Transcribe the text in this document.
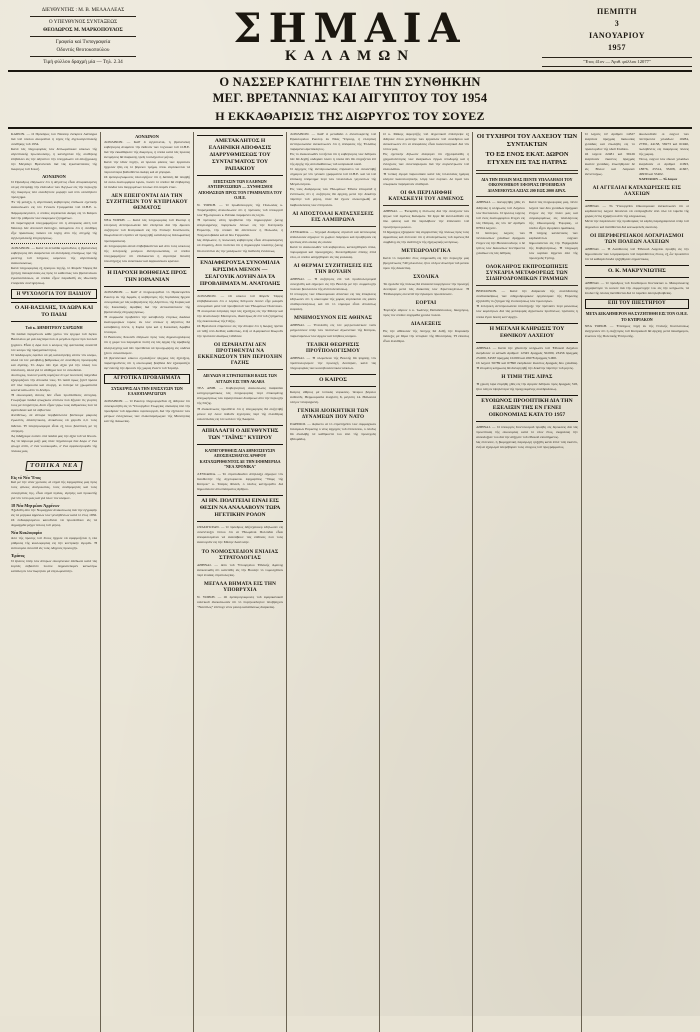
ΔΙΕΥΘΥΝΤΗΣ : Μ. Β. ΜΕΛΑΛΛΕΑΣ
Ο ΥΠΕΥΘΥΝΟΣ ΣΥΝΤΑΞΕΩΣ
ΘΕΟΔΩΡΟΣ Μ. ΜΑΡΚΟΠΟΥΛΟΣ
Γραφεία καί Τυπογραφεία
Οδοντός Θεοτοκοπούλου
Τιμή φύλλου δραχμή μία — Τηλ. 2.34
ΣΗΜΑΙΑ
ΚΑΛΑΜΩΝ
ΠΕΜΠΤΗ
3
ΙΑΝΟΥΑΡΙΟΥ
1957
"Έτος 41ον — Άριθ. φύλλου 12077"
Ο ΝΑΣΣΕΡ ΚΑΤΗΓΓΕΙΛΕ ΤΗΝ ΣΥΝΘΗΚΗΝ
ΜΕΓ. ΒΡΕΤΑΝΝΙΑΣ ΚΑΙ ΑΙΓΥΠΤΟΥ ΤΟΥ 1954
Η ΕΚΚΑΘΑΡΙΣΙΣ ΤΗΣ ΔΙΩΡΥΓΟΣ ΤΟΥ ΣΟΥΕΖ
ΚΑΙΡΟΝ. — Ο Πρόεδρος τού Νάσσερ ἐνέκρινε Διάταγμα διά τοῦ ὁποίου ἀκυροῦται ἡ ἰσχύς τῆς ἀγγλοαιγυπτιακῆς συνθήκης τοῦ 1954.
Κατά τάς πληροφορίας τῶν διπλωματικῶν κύκλων τῆς αἰγυπτιακῆς πρωτευούσης, ἡ καταγγελία τῆς συνθήκης ἐπιβάλλει εἰς τήν Αἴγυπτον τήν ὑποχρέωσιν νά ἀποζημιώσῃ τήν Μεγάλην Βρεταννίαν διά τάς ἐγκαταστάσεις τῆς διώρυγος τοῦ Σουέζ.
ΛΟΝΔΙΝΟΝ
Ὁ Πρόεδρος ἐδήλωσεν ὅτι ἡ Αἴγυπτος εἶναι ἀποφασισμένη νά μή ἐπιτρέψῃ τήν ἐπάνοδον τῶν Ἄγγλων εἰς τήν περιοχήν τῆς διώρυγος ὑπό οἱανδήποτε μορφήν καί ὑπό οἱονδήποτε πρόσχημα.
Ἐν τῷ μεταξύ, ἡ αἰγυπτιακή κυβέρνησις ἐπέδωσε σχετικήν ἀνακοίνωσιν εἰς τόν Γενικόν Γραμματέα τοῦ Ο.Η.Ε. κ. Χάμμαρσκγιόλντ, ὁ ὁποῖος εὑρίσκεται ἀκόμη εἰς τό Κάιρον διά τήν ρύθμισιν τῶν ἐκκρεμῶν ζητημάτων.
Οἱ παρατηρηταί ὑπογραμμίζουν ὅτι ἡ ἀπόφασις αὐτή τοῦ Νάσσερ δέν ἀποτελεῖ ἔκπληξιν, δεδομένου ὅτι ἡ συνθήκη εἶχε πρακτικῶς παύσει νά ἰσχύῃ ἀπό τῆς στιγμῆς τῆς ἀγγλογαλλικῆς ἐπιχειρήσεως.
ΛΟΝΔΙΝΟΝ. — Κατά τά ἐνταῦθα κρατοῦντα, ἡ βρεταννική κυβέρνησις δέν ἀναμένεται νά ἀντιδράσῃ ἐπισήμως πρό τῆς μελέτης τοῦ πλήρους κειμένου τῆς αἰγυπτιακῆς ἀνακοινώσεως.
Κατά πληροφορίας ἐξ ἐγκύρου πηγῆς, τό Φόρεϊν Ὄφφις θά ζητήσῃ διευκρινίσεις ὡς πρός τό καθεστώς τῶν βρεταννικῶν ἐγκαταστάσεων, αἱ ὁποῖαι εἶχον παραδοθῆ εἰς ἰδιωτικήν ἐταιρείαν συντηρήσεως.
Η ΨΥΧΟΛΟΓΙΑ ΤΟΥ ΠΑΙΔΙΟΥ
Ο ΑΗ-ΒΑΣΙΛΗΣ, ΤΑ ΔΩΡΑ ΚΑΙ ΤΟ ΠΑΙΔΙ
Τοῦ κ. ΔΗΜΗΤΡΙΟΥ ΣΑΡΣΩΝΗ
Τά παιδιά περιμένουν κάθε χρόνο τόν ἐρχομό τοῦ Ἁγίου Βασιλείου μέ μιά λαχτάρα πού οἱ μεγάλοι ἔχουν πρό πολλοῦ ξεχάσει. Εἶναι ἡ ὥρα πού ὁ κόσμος τῆς φαντασίας συναντᾶ τόν κόσμο τῆς πραγματικότητος.
Ὁ παιδαγωγός ὀφείλει νά μή καταστρέψῃ αὐτόν τόν κόσμο, ἀλλά νά τόν μεταβάλῃ βαθμιαίως σέ συνείδηση προσφορᾶς καί ἀγάπης. Τό δῶρο δέν ἔχει ἀξία γιά τήν ὑλική του ὑπόσταση, ἀλλά γιά τό αἴσθημα πού τό συνοδεύει.
Δυστυχῶς, πολλοί γονεῖς νομίζουν ὅτι μέ πολυτελῆ παιχνίδια ἐξαγοράζουν τήν ἀπουσία τους. Τό παιδί ὅμως ζητεῖ πρῶτα ἀπ' ὅλα παρουσία καί στοργή, κι ὕστερα τά χρωματιστά κουτιά κάτω ἀπό τό δένδρο.
Ἡ οἰκονομική ἄνεσις δέν εἶναι προϋπόθεσις εὐτυχίας. Γνωρίζομε παιδιά φτωχικῶν σπιτιῶν πού ἔζησαν τίς γιορτές τους μέ πληρότητα, διότι εἶχαν γύρω τους ἀνθρώπους πού τά ἀγαποῦσαν καί τά σέβονταν.
Ἀντιθέτως, σέ εὔπορα περιβάλλοντα βλέπουμε μικρούς ἐγωιστές, ἀπαιτητικούς, ἀνικάνους νά χαροῦν ὅ,τι τούς δίδεται. Ἡ ὑπερπροσφορά εἶναι ἐξ ἴσου βλαπτική μέ τή στέρηση.
Ἄς διδάξουμε λοιπόν στά παιδιά μας τήν ἀξία τοῦ νά δίνουν. Ἄς τά πάρουμε μαζί μας ὅταν πηγαίνουμε ἕνα δῶρο σ' ἕνα φτωχό σπίτι, σ' ἕνα νοσοκομεῖο, σ' ἕνα ὀρφανοτροφεῖο τῆς πόλεώς μας.
ΤΟΠΙΚΑ ΝΕΑ
Εἰς τό Νέο Ἔτος
Καί μέ τήν νέαν χρονιάν, αἱ εὐχαί τῆς ἐφημερίδος μας πρός τούς φίλους ἀναγνώστας, τούς συνδρομητάς καί τούς συνεργάτας της, εἶναι εὐχαί ὑγείας, εἰρήνης καί προκοπῆς γιά τόν τόπο μας καί γιά ὅλον τόν κόσμον.
18 Νέα Μητρώου Ἀρρένων
Ἐξεδόθη ἀπό τήν Νομαρχίαν ἀνακοίνωσις διά τήν ἐγγραφήν εἰς τά μητρῶα ἀρρένων τῶν γεννηθέντων κατά τό ἔτος 1956. Οἱ ἐνδιαφερόμενοι καλοῦνται νά προσέλθουν εἰς τά Δημαρχεῖα μέχρι τέλους τοῦ μηνός.
Νέα Κυκλοφορία
Ἀπό τῆς πρώτης τοῦ ἔτους ἤρχισε νά ἐφαρμόζεται ἡ νέα ρύθμισις τῆς κυκλοφορίας εἰς τήν κεντρικήν ἀγοράν. Ἡ ἀστυνομία συνιστᾶ εἰς τούς ὁδηγούς προσοχήν.
Ἐράνος
Ὁ ἔρανος ὑπέρ τῶν ἀπόρων οἰκογενειῶν ἀπέδωσε κατά τάς ἑορτάς σεβαστόν ποσόν. Δημοσιεύομεν κατωτέρω κατάλογον τῶν δωρητῶν μέ εὐγνωμοσύνην.
ΛΟΝΔΙΝΟΝ
ΛΟΝΔΙΝΟΝ. — Καθ' ἅ ἀγγέλλεται, ἡ βρεταννική κυβέρνησις ἀναμένει τήν ἔκθεσιν τῶν τεχνικῶν τοῦ Ο.Η.Ε. διά τήν ἐκκαθάρισιν τῆς διώρυγος, ἡ ὁποία κατά τάς πρώτας ἐκτιμήσεις θά διαρκέσῃ τρεῖς τοὐλάχιστον μῆνας.
Κατά τήν ἰδίαν πηγήν, αἱ πρῶται φάσεις τῶν ἐργασιῶν ἤρχισαν ἤδη εἰς τό βόρειον τμῆμα, ὅπου εὑρίσκονται τά περισσότερα βυθισθέντα σκάφη καί αἱ γέφυραι.
Οἱ ἐμπειρογνώμονες ὑπολογίζουν ὅτι ἡ δαπάνη θά ὑπερβῇ τά ὀκτώ ἑκατομμύρια λιρῶν, ποσόν τό ὁποῖον θά ἐπιβαρύνῃ τά διόδια τῶν διερχομένων πλοίων ἐπί σειράν ἐτῶν.
ΔΕΝ ΕΠΕΙΓΟΝΤΑΙ ΔΙΑ ΤΗΝ ΣΥΖΗΤΗΣΙΝ ΤΟΥ ΚΥΠΡΙΑΚΟΥ ΘΕΜΑΤΟΣ
ΝΕΑ ΥΟΡΚΗ. — Κατά τάς πληροφορίας τοῦ Ρώυτερ ἡ ἑλληνική ἀντιπροσωπεία δέν ἐπείγεται διά τήν ἄμεσον συζήτησιν τοῦ Κυπριακοῦ εἰς τήν Γενικήν Συνέλευσιν, θεωροῦσα ὅτι πρέπει νά προηγηθῇ κατάλληλος διπλωματική προπαρασκευή.
Αἱ πληροφορίαι αὐταί ἐπιβεβαιοῦνται καί ἀπό τούς κύκλους τῆς ἑλληνικῆς μονίμου ἀντιπροσωπείας, οἱ ὁποῖοι ὑπογραμμίζουν ὅτι ἐπιδιώκεται ἡ εὐρυτέρα δυνατή ὑποστήριξις τῶν ἀσιατικῶν καί ἀφρικανικῶν κρατῶν.
Η ΠΑΡΟΧΗ ΒΟΗΘΕΙΑΣ ΠΡΟΣ ΤΗΝ ΙΟΡΔΑΝΙΑΝ
ΛΟΝΔΙΝΟΝ. — Καθ' ἅ πληροφορεῖται τό Πρακτορεῖον Ρώυτερ ἐκ τῆς Ἀμμάν, ἡ κυβέρνησις τῆς Ἰορδανίας ἤρχισε συνομιλίας μέ τάς κυβερνήσεις τῆς Αἰγύπτου, τῆς Συρίας καί τῆς Σαουδικῆς Ἀραβίας διά τήν ἀντικατάστασιν τῆς βρεταννικῆς ἐπιχορηγήσεως.
Ἡ συμφωνία προβλέπει τήν καταβολήν ἐτησίως δώδεκα ἑκατομμυρίων λιρῶν, ἐκ τῶν ὁποίων ἡ Αἴγυπτος θά καταβάλλῃ πέντε, ἡ Συρία τρία καί ἡ Σαουδική Ἀραβία τέσσερα.
Ὁ Βασιλεύς Χουσεΐν ἐδήλωσε πρός τούς δημοσιογράφους ὅτι ἡ χώρα του παραμένει πιστή εἰς τάς ἀρχάς τῆς ἀραβικῆς ἀλληλεγγύης καί δέν προτίθεται νά προσχωρήσῃ εἰς οὐδένα ξένον συνασπισμόν.
Οἱ βρεταννικοί κύκλοι σχολιάζουν ψυχρῶς τάς ἐξελίξεις, παρατηροῦντες ὅτι ἡ οἰκονομική βοήθεια δέν ἐξασφαλίζει ἀφ' ἑαυτῆς τήν ἄμυναν τῆς χώρας ἔναντι τοῦ Ἰσραήλ.
ΑΓΡΟΤΙΚΑ ΠΡΟΒΛΗΜΑΤΑ
ΣΥΣΚΕΨΙΣ ΔΙΑ ΤΗΝ ΕΝΙΣΧΥΣΙΝ ΤΩΝ ΕΛΑΙΟΠΑΡΑΓΩΓΩΝ
ΛΟΝΔΙΝΟΝ. — Ὁ Ρώυτερ πληροφορεῖται ἐξ Ἀθηνῶν ὅτι συνεκροτήθη εἰς τό Ὑπουργεῖον Γεωργίας σύσκεψις ὑπό τήν προεδρίαν τοῦ ἁρμοδίου ὑφυπουργοῦ, διά τήν ἐξέτασιν τῶν μέτρων ἐνισχύσεως τῶν ἐλαιοπαραγωγῶν τῆς Μεσσηνίας καί τῆς Λακωνίας.
ΑΜΕΤΑΚΛΗΤΟΣ Η ΕΛΛΗΝΙΚΗ ΑΠΟΦΑΣΙΣ ΔΙΑΡΡΥΘΜΙΣΕΩΣ ΤΟΥ ΣΥΝΤΑΓΜΑΤΟΣ ΤΟΥ ΡΑΠΑΚΙΟΥ
ΕΠΙΣΤΑΣΙΝ ΤΩΝ ΕΛΛΗΝΩΝ ΑΝΤΙΠΡΟΣΩΠΩΝ — ΣΥΝΘΕΣΜΟΙ ΑΠΟΦΑΣΕΩΝ ΠΡΟΣ ΤΟΝ ΓΡΑΜΜΑΤΕΑ ΤΟΥ Ο.Η.Ε.
Ν. ΥΟΡΚΗ. — Ὁ πρωθυπουργός τῆς Πολωνίας κ. Τσιραγκίεβιτς ἀνεκοίνωσεν ὅτι ἡ πρότασις τοῦ ὑπουργοῦ τῶν Ἐξωτερικῶν κ. Ράπακι παραμένει εἰς ἰσχύν.
Ἡ πρότασις αὕτη προβλέπει τήν δημιουργίαν ζώνης ἀπηλλαγμένης πυρηνικῶν ὅπλων εἰς τήν Κεντρικήν Εὐρώπην, τήν ὁποίαν θά ἀπετέλουν ἡ Πολωνία, ἡ Τσεχοσλοβακία καί αἱ δύο Γερμανίαι.
Ὡς ἐδήλωσεν, ἡ πολωνική κυβέρνησις εἶναι ἀποφασισμένη νά ἐπιμείνῃ, διότι πιστεύει ὅτι ἡ δημιουργία τοιαύτης ζώνης θά συνετέλει εἰς τήν χαλάρωσιν τῆς διεθνοῦς ἐντάσεως.
ΕΝΔΙΑΦΕΡΟΥΣΑ ΣΥΝΟΜΙΛΙΑ
ΚΡΙΣΙΜΑ ΜΕΝΟΝ — ΣΕΛΓΟΥΙΚ ΛΟΥΗΝ ΔΙΑ ΤΑ ΠΡΟΒΛΗΜΑΤΑ Μ. ΑΝΑΤΟΛΗΣ
ΛΟΝΔΙΝΟΝ. — Οἱ κύκλοι τοῦ Φόρεϊν Ὄφφις ἐπιβεβαιώνουν ὅτι ὁ λόρδος Σέλγουιν Λόυντ εἶχε μακράν συνομιλίαν μετά τοῦ πρεσβευτοῦ τῶν Ἡνωμένων Πολιτειῶν.
Ἡ συνομιλία ἐστράφη περί τάς ἐξελίξεις εἰς τήν Μέσην καί τήν Ἀνατολικήν Μεσόγειον, ἰδιαιτέρως δέ ἐπί τοῦ ζητήματος τῆς ἐκκενώσεως τῆς Γάζης.
Οἱ Βρεταννοί ἐπιμένουν εἰς τήν ἄποψιν ὅτι ἡ διώρυξ πρέπει νά τεθῇ ὑπό διεθνές καθεστώς, ἐνῷ οἱ Ἀμερικανοί θεωροῦν τήν πρότασιν ἀκαίρως τεθεῖσαν.
ΟΙ ΙΣΡΑΗΛΙΤΑΙ ΔΕΝ ΠΡΟΤΙΘΕΝΤΑΙ ΝΑ ΕΚΚΕΝΩΣΟΥΝ ΤΗΝ ΠΕΡΙΟΧΗΝ ΓΑΖΗΣ
ΔΙΕΥΛΩΝ Η ΣΤΡΑΤΙΩΤΙΚΗ ΒΑΣΙΣ ΤΩΝ ΑΓΓΛΩΝ ΕΙΣ ΤΗΝ ΑΚΑΒΑ
ΤΕΛ ΑΒΙΒ. — Κυβερνητική ἀνακοίνωσις διαψεύδει κατηγορηματικῶς τάς πληροφορίας περί ἐπικειμένης ἀποχωρήσεως τῶν ἰσραηλιτικῶν δυνάμεων ἀπό τήν περιοχήν τῆς Γάζης.
Ἡ ἀνακοίνωσις προσθέτει ὅτι ἡ ἀποχώρησις θά συζητηθῇ μόνον ἐφ' ὅσον δοθοῦν ἐγγυήσεις περί τῆς ἐλευθέρας ναυσιπλοΐας εἰς τόν κόλπον τῆς Ἄκαμπα.
ΑΠΗΛΛΑΓΗ Ο ΔΙΕΥΘΥΝΤΗΣ ΤΩΝ "ΤΑΪΜΣ" ΚΥΠΡΟΥ
ΚΑΤΗΓΟΡΗΘΕΙΣ ΔΙΑ ΔΗΜΟΣΙΕΥΣΙΝ ΑΠΟΣΠΑΣΜΑΤΟΣ ΑΡΘΡΟΥ ΚΑΤΑΧΩΡΗΘΕΝΤΟΣ ΔΕ ΤΗΝ ΕΦΗΜΕΡΙΔΑ "ΝΕΑ ΧΡΟΝΙΚΑ"
ΛΕΥΚΩΣΙΑ. — Τό στρατοδικεῖον ἀπήλλαξε σήμερον τόν διευθυντήν τῆς ἀγγλοφώνου ἐφημερίδος "Τάιμς τῆς Κύπρου" κ. Τσάρλς Φόλεϋ, ὁ ὁποῖος κατηγορεῖτο διά δημοσίευσιν ἀποσπάσματος ἄρθρου.
ΑΙ ΗΝ. ΠΟΛΙΤΕΙΑΙ ΕΙΝΑΙ ΕΙΣ ΘΕΣΙΝ ΝΑ ΑΝΑΛΑΒΟΥΝ ΤΩΡΑ ΗΓΕΤΙΚΗΝ ΡΟΛΟΝ
ΟΥΑΣΙΓΚΤΩΝ. — Ὁ πρόεδρος Ἀϊζενχάουερ ἐδήλωσεν εἰς συνέντευξιν τύπου ὅτι αἱ Ἡνωμέναι Πολιτεῖαι εἶναι ἀποφασισμέναι νά ἀναλάβουν τάς εὐθύνας πού τούς ἀναλογοῦν εἰς τήν Μέσην Ἀνατολήν.
ΤΟ ΝΟΜΟΣΧΕΔΙΟΝ ΕΝΙΑΙΑΣ ΣΤΡΑΤΟΛΟΓΙΑΣ
ΑΘΗΝΑΙ. — Ἀπό τοῦ Ὑπουργείου Ἐθνικῆς Ἀμύνης ἀνεκοινώθη ὅτι κατετέθη εἰς τήν Βουλήν τό νομοσχέδιον περί ἑνιαίας στρατολογίας.
ΜΕΓΑΛΑ ΒΗΜΑΤΑ ΕΙΣ ΤΗΝ ΥΠΟΒΡΥΧΙΑ
Ν. ΥΟΡΚΗ. — Οἱ ἐμπειρογνώμονες τοῦ ἀμερικανικοῦ ναυτικοῦ ἀνεκοίνωσαν ὅτι τό πυρηνοκίνητον ὑποβρύχιον "Ναυτίλος" ἐπέτυχε νέον ρεκόρ καταδύσεως διαρκείας.
ΛΟΝΔΙΝΟΝ. — Καθ' ἅ μεταδίδει ὁ ἀνταποκριτής τοῦ Πρακτορείου Ρώυτερ ἐκ Νέας Ὑόρκης, ἡ ἑλληνική ἀντιπροσωπεία ἀνεκοίνωσεν ὅτι ἡ ἀπόφασις τῆς Ἑλλάδος παραμένει ἀμετάκλητος.
Εἰς τό ἀνακοινωθέν τονίζεται ὅτι ἡ κυβέρνησις τῶν Ἀθηνῶν δέν θά δεχθῇ οὐδεμίαν λύσιν ἡ ὁποία δέν θά στηρίζεται ἐπί τῆς ἀρχῆς τῆς αὐτοδιαθέσεως τοῦ κυπριακοῦ λαοῦ.
Ὁ ἀρχηγός τῆς ἀντιπροσωπείας ἐπρόκειτο νά συναντηθῇ σήμερον μέ τόν γενικόν γραμματέα τοῦ Ο.Η.Ε. καί νά τοῦ ἐπιδώσῃ ὑπόμνημα περί τῶν τελευταίων γεγονότων τῆς Μεγαλονήσου.
Εἰς τούς διαδρόμους τῶν Ἡνωμένων Ἐθνῶν ἐπικρατεῖ ἡ ἐντύπωσις ὅτι ἡ συζήτησις θά ἀρχίσῃ μετά τήν δεκάτην πέμπτην τοῦ μηνός, ὅταν θά ἔχουν ὁλοκληρωθῆ αἱ διαβουλεύσεις τῶν ἐπιτροπῶν.
ΑΙ ΑΠΟΣΤΟΛΑΙ ΚΑΤΑΣΧΕΣΕΙΣ ΕΙΣ ΛΑΜΠΡΩΝΑ
ΛΕΥΚΩΣΙΑ. — Ἰσχυραί δυνάμεις στρατοῦ καί ἀστυνομίας ἀπέκλεισαν σήμερον τό χωρίον Λάμπρου καί προέβησαν εἰς ἐρεύνας ἀπό οἰκίας εἰς οἰκίαν.
Κατά τό ἀνακοινωθέν τοῦ κυβερνείου, κατεσχέθησαν ὅπλα, πυρομαχικά καί προκηρύξεις. Συνελήφθησαν ἐπίσης ἑπτά νέοι, οἱ ὁποῖοι ὡδηγήθησαν εἰς τάς φυλακάς.
ΑΙ ΘΕΡΜΑΙ ΣΥΖΗΤΗΣΕΙΣ ΕΙΣ ΤΗΝ ΒΟΥΛΗΝ
ΑΘΗΝΑΙ. — Ἡ συζήτησις ἐπί τοῦ προϋπολογισμοῦ συνεχίσθη καί σήμερον εἰς τήν Βουλήν μέ τήν συμμετοχήν πολλῶν βουλευτῶν τῆς ἀντιπολιτεύσεως.
Ὁ ὑπουργός τῶν Οἰκονομικῶν ἀπαντῶν εἰς τάς ἐπικρίσεις ἐδήλωσεν ὅτι ἡ οἰκονομία τῆς χώρας εὑρίσκεται εἰς φάσιν σταθεροποιήσεως καί ὅτι τό νόμισμα εἶναι ἀπολύτως ἀσφαλές.
ΜΝΗΜΟΣΥΝΟΝ ΕΙΣ ΑΘΗΝΑΣ
ΑΘΗΝΑΙ. — Ἐτελέσθη εἰς τόν μητροπολιτικόν ναόν μνημόσυνον ὑπέρ τῶν πεσόντων ἀγωνιστῶν τῆς Κύπρου, παρισταμένων τῶν ἀρχῶν καί πλήθους κόσμου.
ΤΕΛΙΚΗ ΘΕΩΡΗΣΙΣ ΠΡΟΫΠΟΛΟΓΙΣΜΟΥ
ΑΘΗΝΑΙ. — Ἡ ὁλομέλεια τῆς Βουλῆς θά ψηφίσῃ τόν προϋπολογισμόν τήν προσεχῆ Δευτέραν, κατά τάς πληροφορίας τῶν κοινοβουλευτικῶν κύκλων.
Ο ΚΑΙΡΟΣ
Καιρός αἴθριος μέ τοπικάς νεφώσεις. Ἄνεμοι βόρειοι ἀσθενεῖς. Θερμοκρασία ἐλαχίστη 6, μεγίστη 14. Θάλασσα ὀλίγον τεταραγμένη.
ΓΕΝΙΚΗ ΔΙΟΙΚΗΤΙΚΗ ΤΩΝ ΔΥΝΑΜΕΩΝ ΠΟΥ ΝΑΤΟ
ΠΑΡΙΣΙΟΙ. — Ἀφίκετο αἰ τό στρατηγεῖον τῶν συμμαχικῶν δυνάμεων Εὐρώπης ὁ νέος ἀρχηγός τοῦ ἐπιτελείου, ὁ ὁποῖος θά ἀναλάβῃ τά καθήκοντά του ἀπό τῆς προσεχοῦς ἑβδομάδος.
Ο κ. Μάκης Δεμερτζῆς τοῦ Ἀγροτικοῦ ἐπέστρεψε ἐξ Ἀθηνῶν ὅπου μετέσχε τῶν ἐργασιῶν τοῦ συνεδρίου καί ἀνεκοίνωσεν ὅτι αἱ ἀποφάσεις εἶναι ἱκανοποιητικαί διά τόν τόπον μας.
Εἰς σχετικήν δήλωσιν ἀνέφερεν ὅτι ἐξησφαλίσθη ἡ χρηματοδότησις τῶν ἀναγκαίων ἔργων ὑποδομῆς καί ἡ ἐνίσχυσις τῶν συνεταιρισμῶν διά τήν συγκέντρωσιν τοῦ ἐλαιολάδου.
Ἡ τοπική ἀγορά παρουσίασε κατά τάς τελευταίας ἡμέρας κίνησιν ἱκανοποιητικήν, λόγῳ τῶν ἑορτῶν. Αἱ τιμαί τῶν ὀπωρικῶν παρέμειναν σταθεραί.
ΟΙ ΘΑ ΠΕΡΙΛΗΦΘΗ
ΚΑΤΑΣΚΕΥΗ ΤΟΥ ΛΙΜΕΝΟΣ
ΑΘΗΝΑΙ. — Ἐνεκρίθη ἡ πίστωσις διά τήν συνέχισιν τῶν ἔργων τοῦ λιμένος Καλαμῶν. Τά ἔργα θά ἐκτελεσθοῦν εἰς δύο φάσεις καί θά περιλάβουν τήν ἐπέκτασιν τοῦ προσήνεμου μώλου.
Ὁ δήμαρχος ἐξέφρασε τάς εὐχαριστίας τῆς πόλεως πρός τούς ἁρμοδίους καί ἐτόνισεν ὅτι ἡ ἀποπεράτωσις τοῦ λιμένος θά συμβάλῃ εἰς τήν ἀνάπτυξιν τῆς ἐξαγωγικῆς κινήσεως.
ΜΕΤΕΩΡΟΛΟΓΙΚΑ
Κατά τό παρελθόν ἔτος ἐσημειώθη εἰς τήν περιοχήν μας βροχόπτωσις 740 χιλιοστῶν, ἤτοι ὀλίγον ἀνωτέρα τοῦ μέσου ὅρου τῆς δεκαετίας.
ΣΧΟΛΙΚΑ
Τά σχολεῖα τῆς πόλεως θά ἐπαναλειτουργήσουν τήν προσεχῆ Δευτέραν μετά τάς διακοπάς τῶν Χριστουγέννων. Ἡ Ἐπιθεώρησις συνιστᾶ τήν ἔγκαιρον προσέλευσιν.
ΕΟΡΤΑΙ
Ἑορτάζει αὔριον ὁ κ. Ἰωάννης Παπαδόπουλος, δικηγόρος, πρός τόν ὁποῖον εὐχόμεθα χρόνια πολλά.
ΔΙΑΛΕΞΕΙΣ
Εἰς τήν αἴθουσαν τῆς Λέσχης θά δοθῇ τήν Κυριακήν διάλεξις μέ θέμα τήν ἱστορίαν τῆς Μεσσηνίας. Ἡ εἴσοδος εἶναι ἐλευθέρα.
ΟΙ ΤΥΧΗΡΟΙ ΤΟΥ ΛΑΧΕΙΟΥ ΤΩΝ ΣΥΝΤΑΚΤΩΝ
ΤΟ ΕΞ ΕΝΟΣ ΕΚΑΤ. ΔΩΡΟΝ ΕΤΥΧΕΝ ΕΙΣ ΤΑΣ ΠΑΤΡΑΣ
ΔΙΑ ΤΗΝ ΠΟΛΙΝ ΜΑΣ ΠΕΝΤΕ ΥΠΑΛΛΗΛΟΙ ΤΟΥ ΟΙΚΟΝΟΜΙΚΟΥ ΕΦΟΡΙΑΣ ΠΡΟΕΒΗΣΑΝ ΔΙΑΝΕΜΟΥΣΑ ΑΞΙΑΣ 200 ΕΩΣ 2000 ΔΡΑΧ.
ΑΘΗΝΑΙ. — Διενεργήθη χθές ἐν Ἀθήναις ἡ κλήρωσις τοῦ Λαχείου τῶν Συντακτῶν. Ὁ πρῶτος λαχνός τοῦ ἑνός ἑκατομμυρίου ἔτυχεν εἰς τάς Πάτρας, εἰς τόν ὑπ' ἀριθμόν 87654 λαχνόν.
Ὁ δεύτερος λαχνός τῶν πεντακοσίων χιλιάδων δραχμῶν ἔτυχεν εἰς τήν Θεσσαλονίκην, ὁ δέ τρίτος τῶν διακοσίων πεντήκοντα χιλιάδων εἰς τάς Ἀθήνας.
Κατά τάς πληροφορίας μας, πέντε λαχνοί τῶν δύο χιλιάδων δραχμῶν ἔτυχον εἰς τήν πόλιν μας καί συγκεκριμένως εἰς ὑπαλλήλους τῆς Οἰκονομικῆς Ἐφορίας, οἱ ὁποῖοι εἶχον ἀγοράσει ὁμαδικῶς.
Ἡ πλήρης κατάστασις τῶν κερδισάντων λαχνῶν δημοσιεύεται εἰς τήν Ἐφημερίδα τῆς Κυβερνήσεως. Ἡ πληρωμή τῶν κερδῶν ἄρχεται ἀπό τῆς προσεχοῦς Τρίτης.
ΟΛΟΚΛΗΡΟΣ ΕΚΠΡΟΣΩΠΗΣΙΣ ΣΥΝΕΔΡΙΑ ΜΕΤΑΦΟΡΕΩΣ ΤΩΝ ΣΙΔΗΡΟΔΡΟΜΙΚΩΝ ΓΡΑΜΜΩΝ
ΒΕΡΟΛΙΝΟΝ. — Κατά τήν διάρκειαν τῆς συνελθούσης συνδιασκέψεως τῶν σιδηροδρομικῶν ὀργανισμῶν τῆς Εὐρώπης ἐξητάσθη τό ζήτημα τῆς ἑνοποιήσεως τῶν τιμολογίων.
Ἡ ἑλληνική ἀντιπροσωπεία ὑπεστήριξε τήν πρότασιν περί μειώσεως τῶν κομίστρων διά τάς μεταφοράς ἀγροτικῶν προϊόντων, πρότασις ἡ ὁποία ἔγινε δεκτή κατ' ἀρχήν.
Η ΜΕΓΑΛΗ ΚΛΗΡΩΣΙΣ ΤΟΥ ΕΘΝΙΚΟΥ ΛΑΧΕΙΟΥ
ΑΘΗΝΑΙ. — Κατά τήν χθεσινήν κλήρωσιν τοῦ Ἐθνικοῦ Λαχείου ἐκέρδισαν οἱ κάτωθι ἀριθμοί: 12345 δραχμάς 50.000, 23456 δραχμάς 25.000, 34567 δραχμάς 10.000 καί 45678 δραχμάς 5.000.
Οἱ λαχνοί 56789 καί 67890 ἐκέρδισαν ἕκαστος δραχμάς δύο χιλιάδας. Ἡ ἐπομένη κλήρωσις θά διενεργηθῇ τήν δεκάτην πέμπτην τοῦ μηνός.
Η ΤΙΜΗ ΤΗΣ ΛΙΡΑΣ
Ἡ χρυσή λίρα ἐτιμήθη χθές εἰς τήν ἀγοράν Ἀθηνῶν πρός δραχμάς 318, ἤτοι ὀλίγον ὑψηλότερα τῆς προηγουμένης συνεδριάσεως.
ΕΥΟΙΩΝΟΣ ΠΡΟΟΠΤΙΚΗ ΔΙΑ ΤΗΝ ΕΞΕΛΙΞΙΝ ΤΗΣ ΕΝ ΓΕΝΕΙ ΟΙΚΟΝΟΜΙΑΣ ΚΑΤΑ ΤΟ 1957
ΑΘΗΝΑΙ. — Ὁ ὑπουργός Συντονισμοῦ προέβη εἰς δηλώσεις διά τάς προοπτικάς τῆς οἰκονομίας κατά τό νέον ἔτος, ἐκφράσας τήν αἰσιοδοξίαν του διά τήν αὔξησιν τοῦ ἐθνικοῦ εἰσοδήματος.
Ὡς ἐτόνισεν, ἡ βιομηχανική παραγωγή ηὐξήθη κατά ἑπτά τοῖς ἑκατόν, ἐνῷ αἱ ἐξαγωγαί ὑπερέβησαν τούς στόχους τοῦ προγράμματος.
Ὁ λαχνός ὑπ' ἀριθμόν 14327 ἐκέρδισε δραχμάς διακοσίας χιλιάδας καί ἐπωλήθη εἰς τό πρακτορεῖον τῆς ὁδοῦ Σταδίου.
Οἱ λαχνοί 22481 καί 39126 ἐκέρδισαν ἕκαστος δραχμάς ἑκατόν χιλιάδας, ἐπωλήθησαν δέ εἰς Βόλον καί Λάρισαν ἀντιστοίχως.
Ἀκολουθοῦν οἱ λαχνοί τῶν πεντήκοντα χιλιάδων: 10284, 27391, 44158, 58273 καί 61940, πωληθέντες εἰς διαφόρους πόλεις τῆς χώρας.
Τέλος, λαχνοί τῶν εἴκοσι χιλιάδων ἐκέρδισαν οἱ ἀριθμοί 11093, 18876, 25514, 33208, 41667, 49930 καί 55402.
ΝΑΥΠΛΙΟΝ — Τό δῶρον
ΑΙ ΑΓΓΕΛΙΑΙ ΚΑΤΑΧΩΡΙΣΕΙΣ ΕΙΣ ΛΑΧΕΙΩΝ
ΑΘΗΝΑΙ. — Τό Ὑπουργεῖον Οἰκονομικῶν ἀνεκοίνωσεν ὅτι οἱ κερδίσαντες λαχνοί δύνανται νά εἰσπραχθοῦν ἀπό ὅλα τά ταμεῖα τῆς χώρας ἐντός ἑξαμήνου ἀπό τῆς κληρώσεως.
Μετά τήν παρέλευσιν τῆς προθεσμίας τά κέρδη παραγράφονται ὑπέρ τοῦ Δημοσίου καί διατίθενται διά κοινωφελεῖς σκοπούς.
ΟΙ ΠΕΡΙΦΕΡΕΙΑΚΟΙ ΛΟΓΑΡΙΑΣΜΟΙ ΤΩΝ ΠΟΛΕΩΝ ΛΑΧΕΙΩΝ
ΑΘΗΝΑΙ. — Ἡ Διεύθυνσις τοῦ Ἐθνικοῦ Λαχείου προέβη εἰς τήν δημοσίευσιν τῶν λογαριασμῶν τοῦ παρελθόντος ἔτους, ἐξ ὧν προκύπτει ὅτι τά καθαρά ἔσοδα ηὐξήθησαν σημαντικῶς.
Ο. Κ. ΜΑΚΡΥΝΙΩΤΗΣ
ΑΘΗΝΑΙ. — Ὁ πρόεδρος τοῦ Συνδέσμου Συντακτῶν κ. Μακρυνιώτης ηὐχαρίστησε τό κοινόν διά τήν συμμετοχήν του εἰς τήν κλήρωσιν, τά ἔσοδα τῆς ὁποίας διατίθενται διά τό ταμεῖον ἀλληλοβοηθείας.
ΕΠΙ ΤΟΥ ΠΙΕΣΤΗΡΙΟΥ
ΜΕΤΑ ΔΕΚΑΗΜΕΡΟΝ ΘΑ ΣΥΖΗΤΗΘΗ ΕΙΣ ΤΟΝ Ο.Η.Ε. ΤΟ ΚΥΠΡΙΑΚΟΝ
ΝΕΑ ΥΟΡΚΗ. — Ἐπίσημος πηγή ἐκ τῆς Γενικῆς Συνελεύσεως ἀνήγγειλεν ὅτι ἡ συζήτησις τοῦ Κυπριακοῦ θά ἀρχίσῃ μετά δεκαήμερον, ἐνώπιον τῆς Πολιτικῆς Ἐπιτροπῆς.
